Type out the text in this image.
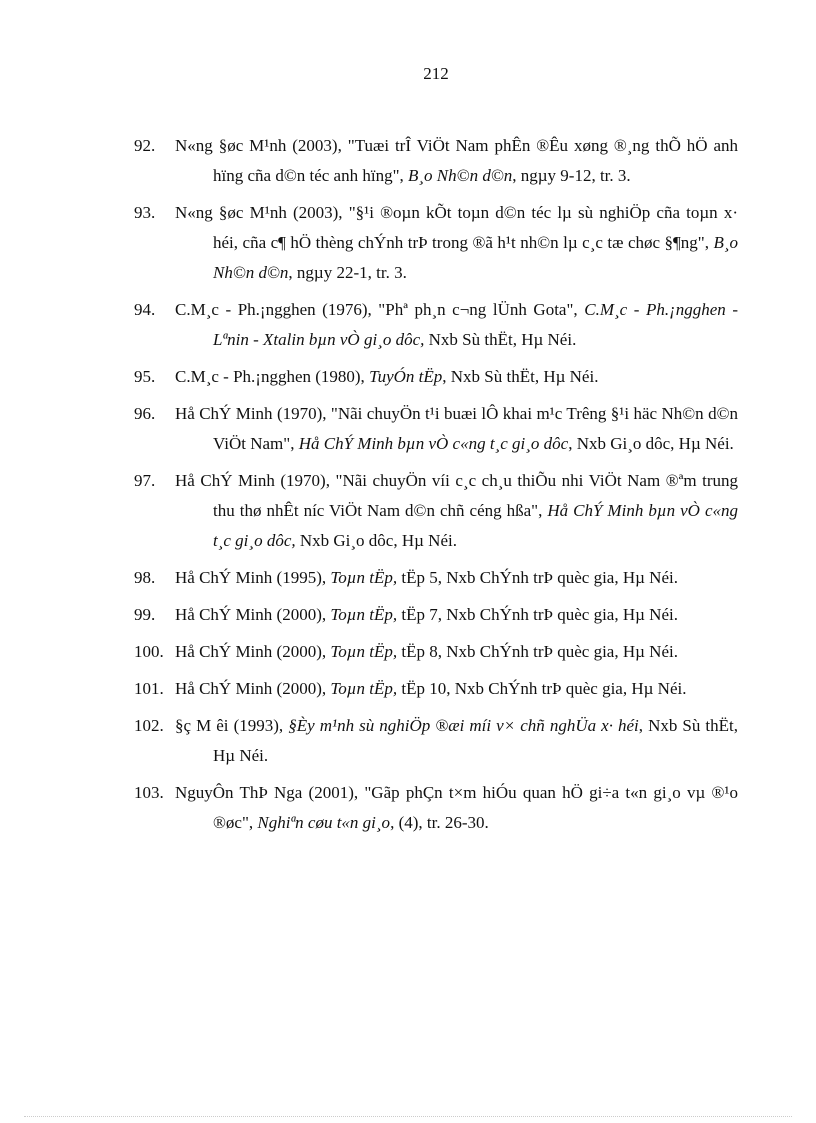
212
92. N«ng §øc M¹nh (2003), "Tuæi trÎ ViÖt Nam phÊn ®Êu xøng ®¸ng thÕ hÖ anh hïng cña d©n téc anh hïng", B¸o Nh©n d©n, ngµy 9-12, tr. 3.
93. N«ng §øc M¹nh (2003), "§¹i ®oµn kÕt toµn d©n téc lµ sù nghiÖp cña toµn x· héi, cña c¶ hÖ thèng chÝnh trÞ trong ®ã h¹t nh©n lµ c¸c tæ chøc §¶ng", B¸o Nh©n d©n, ngµy 22-1, tr. 3.
94. C.M¸c - Ph.¡ngghen (1976), "Phª ph¸n c¬ng lÜnh Gota", C.M¸c - Ph.¡ngghen - Lªnin - Xtalin bµn vÒ gi¸o dôc, Nxb Sù thËt, Hµ Néi.
95. C.M¸c - Ph.¡ngghen (1980), TuyÓn tËp, Nxb Sù thËt, Hµ Néi.
96. Hå ChÝ Minh (1970), "Nãi chuyÖn t¹i buæi lÔ khai m¹c Trêng §¹i häc Nh©n d©n ViÖt Nam", Hå ChÝ Minh bµn vÒ c«ng t¸c gi¸o dôc, Nxb Gi¸o dôc, Hµ Néi.
97. Hå ChÝ Minh (1970), "Nãi chuyÖn víi c¸c ch¸u thiÕu nhi ViÖt Nam ®ªm trung thu thø nhÊt níc ViÖt Nam d©n chñ céng hßa", Hå ChÝ Minh bµn vÒ c«ng t¸c gi¸o dôc, Nxb Gi¸o dôc, Hµ Néi.
98. Hå ChÝ Minh (1995), Toµn tËp, tËp 5, Nxb ChÝnh trÞ quèc gia, Hµ Néi.
99. Hå ChÝ Minh (2000), Toµn tËp, tËp 7, Nxb ChÝnh trÞ quèc gia, Hµ Néi.
100. Hå ChÝ Minh (2000), Toµn tËp, tËp 8, Nxb ChÝnh trÞ quèc gia, Hµ Néi.
101. Hå ChÝ Minh (2000), Toµn tËp, tËp 10, Nxb ChÝnh trÞ quèc gia, Hµ Néi.
102. §ç M êi (1993), §Èy m¹nh sù nghiÖp ®æi míi v× chñ nghÜa x· héi, Nxb Sù thËt, Hµ Néi.
103. NguyÔn ThÞ Nga (2001), "Gãp phÇn t×m hiÓu quan hÖ gi÷a t«n gi¸o vµ ®¹o ®øc", Nghiªn cøu t«n gi¸o, (4), tr. 26-30.
